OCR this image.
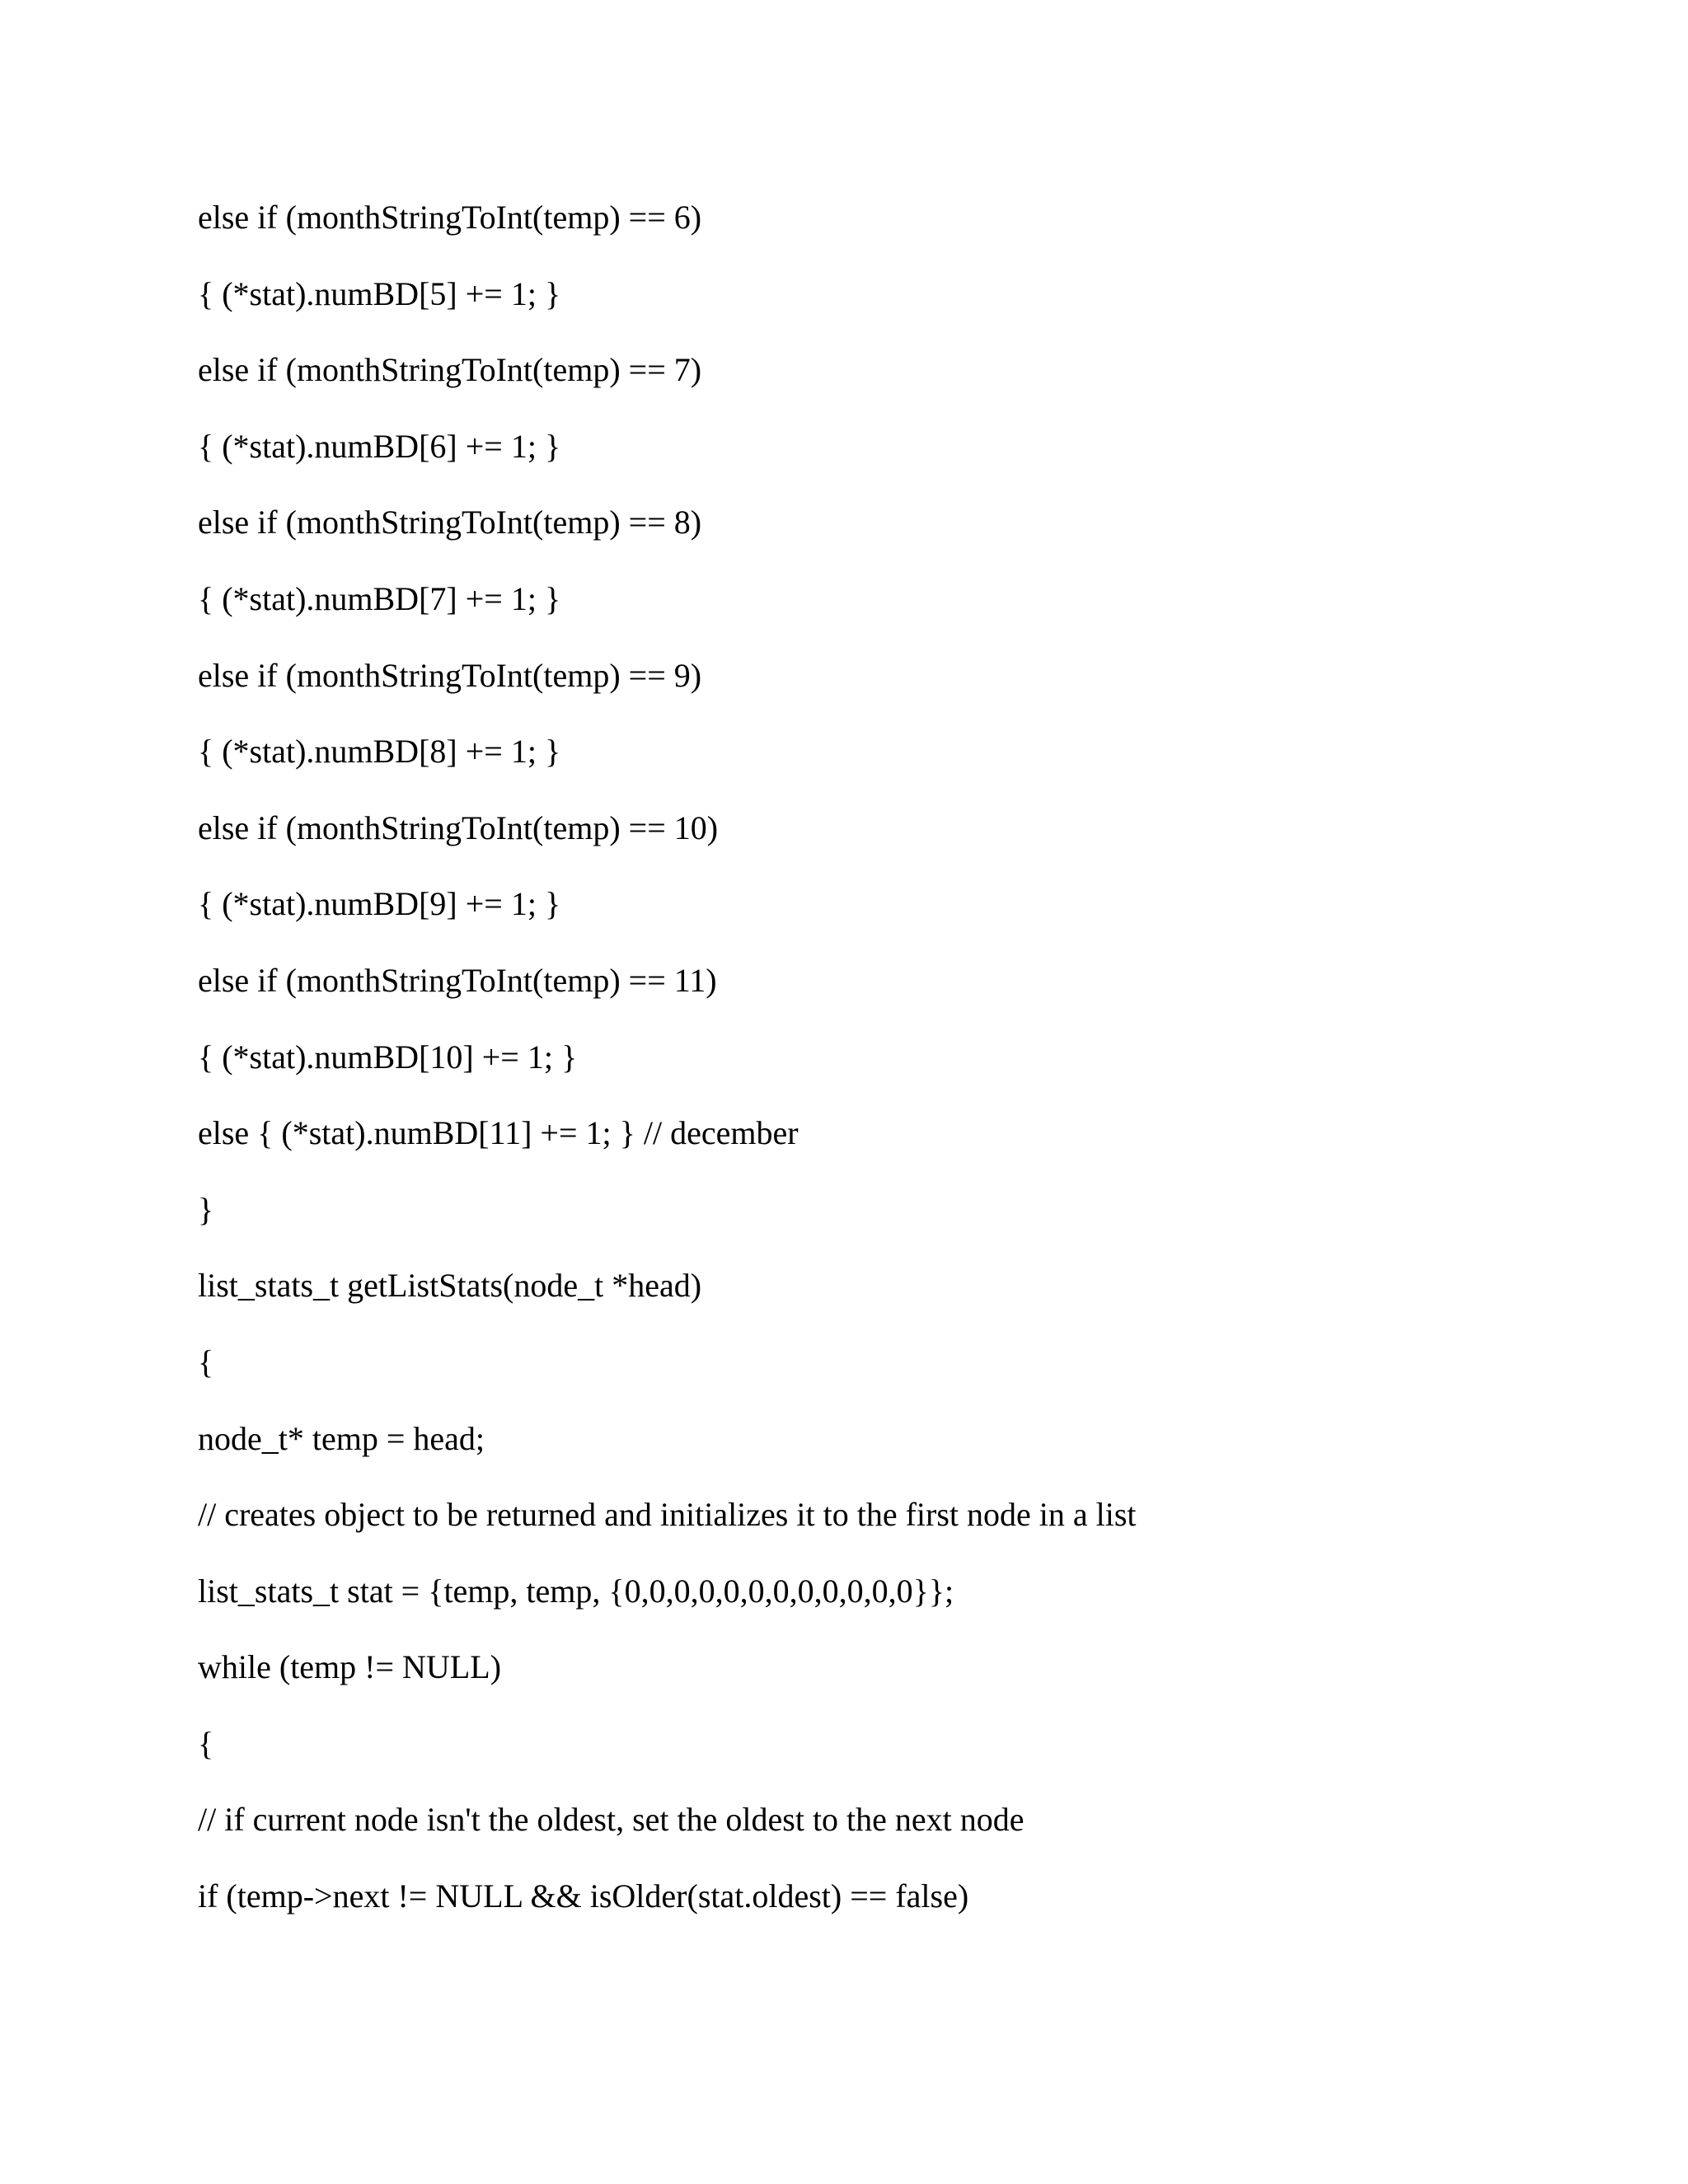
else if (monthStringToInt(temp) == 6)

{ (*stat).numBD[5] += 1; }

else if (monthStringToInt(temp) == 7)

{ (*stat).numBD[6] += 1; }

else if (monthStringToInt(temp) == 8)

{ (*stat).numBD[7] += 1; }

else if (monthStringToInt(temp) == 9)

{ (*stat).numBD[8] += 1; }

else if (monthStringToInt(temp) == 10)

{ (*stat).numBD[9] += 1; }

else if (monthStringToInt(temp) == 11)

{ (*stat).numBD[10] += 1; }

else { (*stat).numBD[11] += 1; } // december

}

list_stats_t getListStats(node_t *head)

{

node_t* temp = head;

// creates object to be returned and initializes it to the first node in a list

list_stats_t stat = {temp, temp, {0,0,0,0,0,0,0,0,0,0,0,0}};

while (temp != NULL)

{

// if current node isn't the oldest, set the oldest to the next node

if (temp->next != NULL && isOlder(stat.oldest) == false)
